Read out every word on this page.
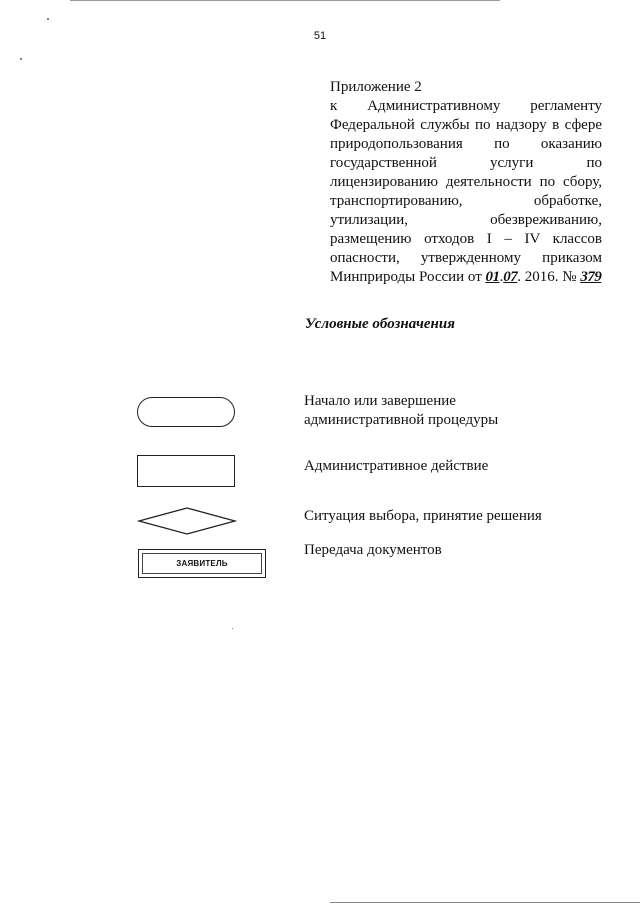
51
Приложение 2
к Административному регламенту
Федеральной службы по надзору в сфере
природопользования по оказанию
государственной услуги по
лицензированию деятельности по сбору,
транспортированию, обработке,
утилизации, обезвреживанию,
размещению отходов I – IV классов
опасности, утвержденному приказом
Минприроды России от 01.07. 2016. № 379
Условные обозначения
Начало или завершение
административной процедуры
Административное действие
Ситуация выбора, принятие решения
ЗАЯВИТЕЛЬ
Передача документов
